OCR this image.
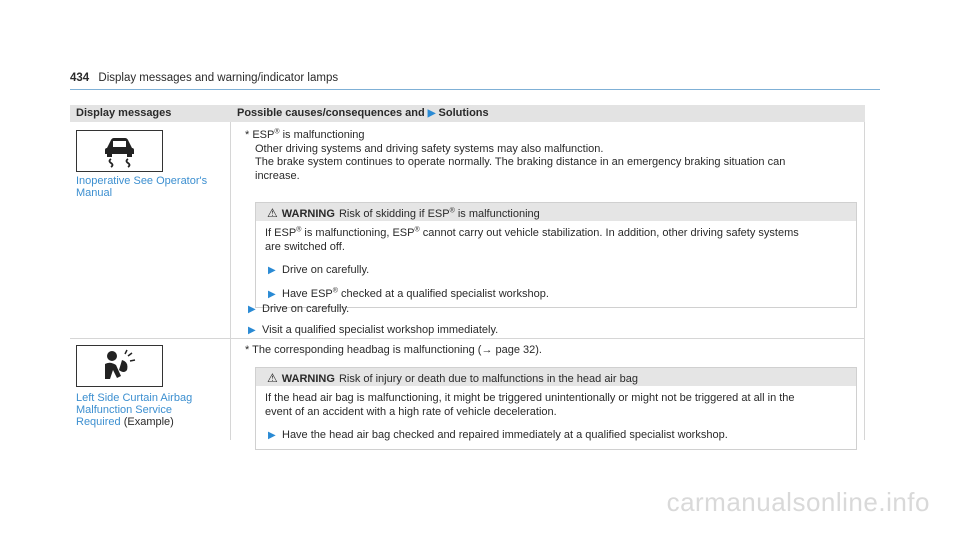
434 Display messages and warning/indicator lamps
Display messages	Possible causes/consequences and ▶ Solutions
Inoperative See Operator's
Manual
* ESP® is malfunctioning
Other driving systems and driving safety systems may also malfunction.
The brake system continues to operate normally. The braking distance in an emergency braking situation can
increase.
⚠ WARNING Risk of skidding if ESP® is malfunctioning
If ESP® is malfunctioning, ESP® cannot carry out vehicle stabilization. In addition, other driving safety systems
are switched off.
▶ Drive on carefully.
▶ Have ESP® checked at a qualified specialist workshop.
▶ Drive on carefully.
▶ Visit a qualified specialist workshop immediately.
Left Side Curtain Airbag
Malfunction Service
Required (Example)
* The corresponding headbag is malfunctioning (→ page 32).
⚠ WARNING Risk of injury or death due to malfunctions in the head air bag
If the head air bag is malfunctioning, it might be triggered unintentionally or might not be triggered at all in the
event of an accident with a high rate of vehicle deceleration.
▶ Have the head air bag checked and repaired immediately at a qualified specialist workshop.
carmanualsonline.info
